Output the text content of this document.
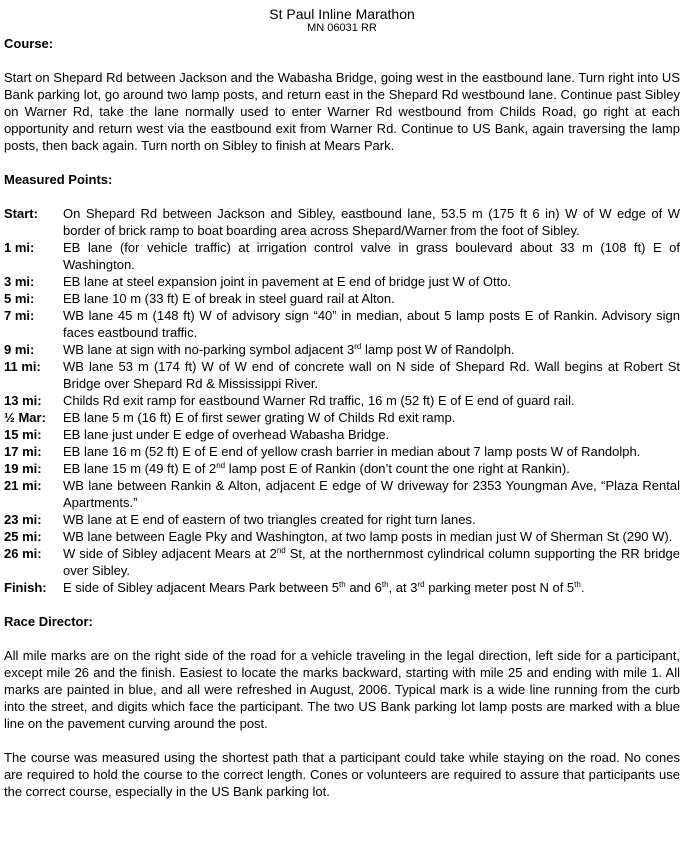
St Paul Inline Marathon
MN 06031 RR
Course:
Start on Shepard Rd between Jackson and the Wabasha Bridge, going west in the eastbound lane. Turn right into US Bank parking lot, go around two lamp posts, and return east in the Shepard Rd westbound lane. Continue past Sibley on Warner Rd, take the lane normally used to enter Warner Rd westbound from Childs Road, go right at each opportunity and return west via the eastbound exit from Warner Rd. Continue to US Bank, again traversing the lamp posts, then back again. Turn north on Sibley to finish at Mears Park.
Measured Points:
Start:	On Shepard Rd between Jackson and Sibley, eastbound lane, 53.5 m (175 ft 6 in) W of W edge of W border of brick ramp to boat boarding area across Shepard/Warner from the foot of Sibley.
1 mi:	EB lane (for vehicle traffic) at irrigation control valve in grass boulevard about 33 m (108 ft) E of Washington.
3 mi:	EB lane at steel expansion joint in pavement at E end of bridge just W of Otto.
5 mi:	EB lane 10 m (33 ft) E of break in steel guard rail at Alton.
7 mi:	WB lane 45 m (148 ft) W of advisory sign “40” in median, about 5 lamp posts E of Rankin. Advisory sign faces eastbound traffic.
9 mi:	WB lane at sign with no-parking symbol adjacent 3rd lamp post W of Randolph.
11 mi:	WB lane 53 m (174 ft) W of W end of concrete wall on N side of Shepard Rd. Wall begins at Robert St Bridge over Shepard Rd & Mississippi River.
13 mi:	Childs Rd exit ramp for eastbound Warner Rd traffic, 16 m (52 ft) E of E end of guard rail.
½ Mar:	EB lane 5 m (16 ft) E of first sewer grating W of Childs Rd exit ramp.
15 mi:	EB lane just under E edge of overhead Wabasha Bridge.
17 mi:	EB lane 16 m (52 ft) E of E end of yellow crash barrier in median about 7 lamp posts W of Randolph.
19 mi:	EB lane 15 m (49 ft) E of 2nd lamp post E of Rankin (don’t count the one right at Rankin).
21 mi:	WB lane between Rankin & Alton, adjacent E edge of W driveway for 2353 Youngman Ave, “Plaza Rental Apartments.”
23 mi:	WB lane at E end of eastern of two triangles created for right turn lanes.
25 mi:	WB lane between Eagle Pky and Washington, at two lamp posts in median just W of Sherman St (290 W).
26 mi:	W side of Sibley adjacent Mears at 2nd St, at the northernmost cylindrical column supporting the RR bridge over Sibley.
Finish:	E side of Sibley adjacent Mears Park between 5th and 6th, at 3rd parking meter post N of 5th.
Race Director:
All mile marks are on the right side of the road for a vehicle traveling in the legal direction, left side for a participant, except mile 26 and the finish. Easiest to locate the marks backward, starting with mile 25 and ending with mile 1. All marks are painted in blue, and all were refreshed in August, 2006. Typical mark is a wide line running from the curb into the street, and digits which face the participant. The two US Bank parking lot lamp posts are marked with a blue line on the pavement curving around the post.
The course was measured using the shortest path that a participant could take while staying on the road. No cones are required to hold the course to the correct length. Cones or volunteers are required to assure that participants use the correct course, especially in the US Bank parking lot.
